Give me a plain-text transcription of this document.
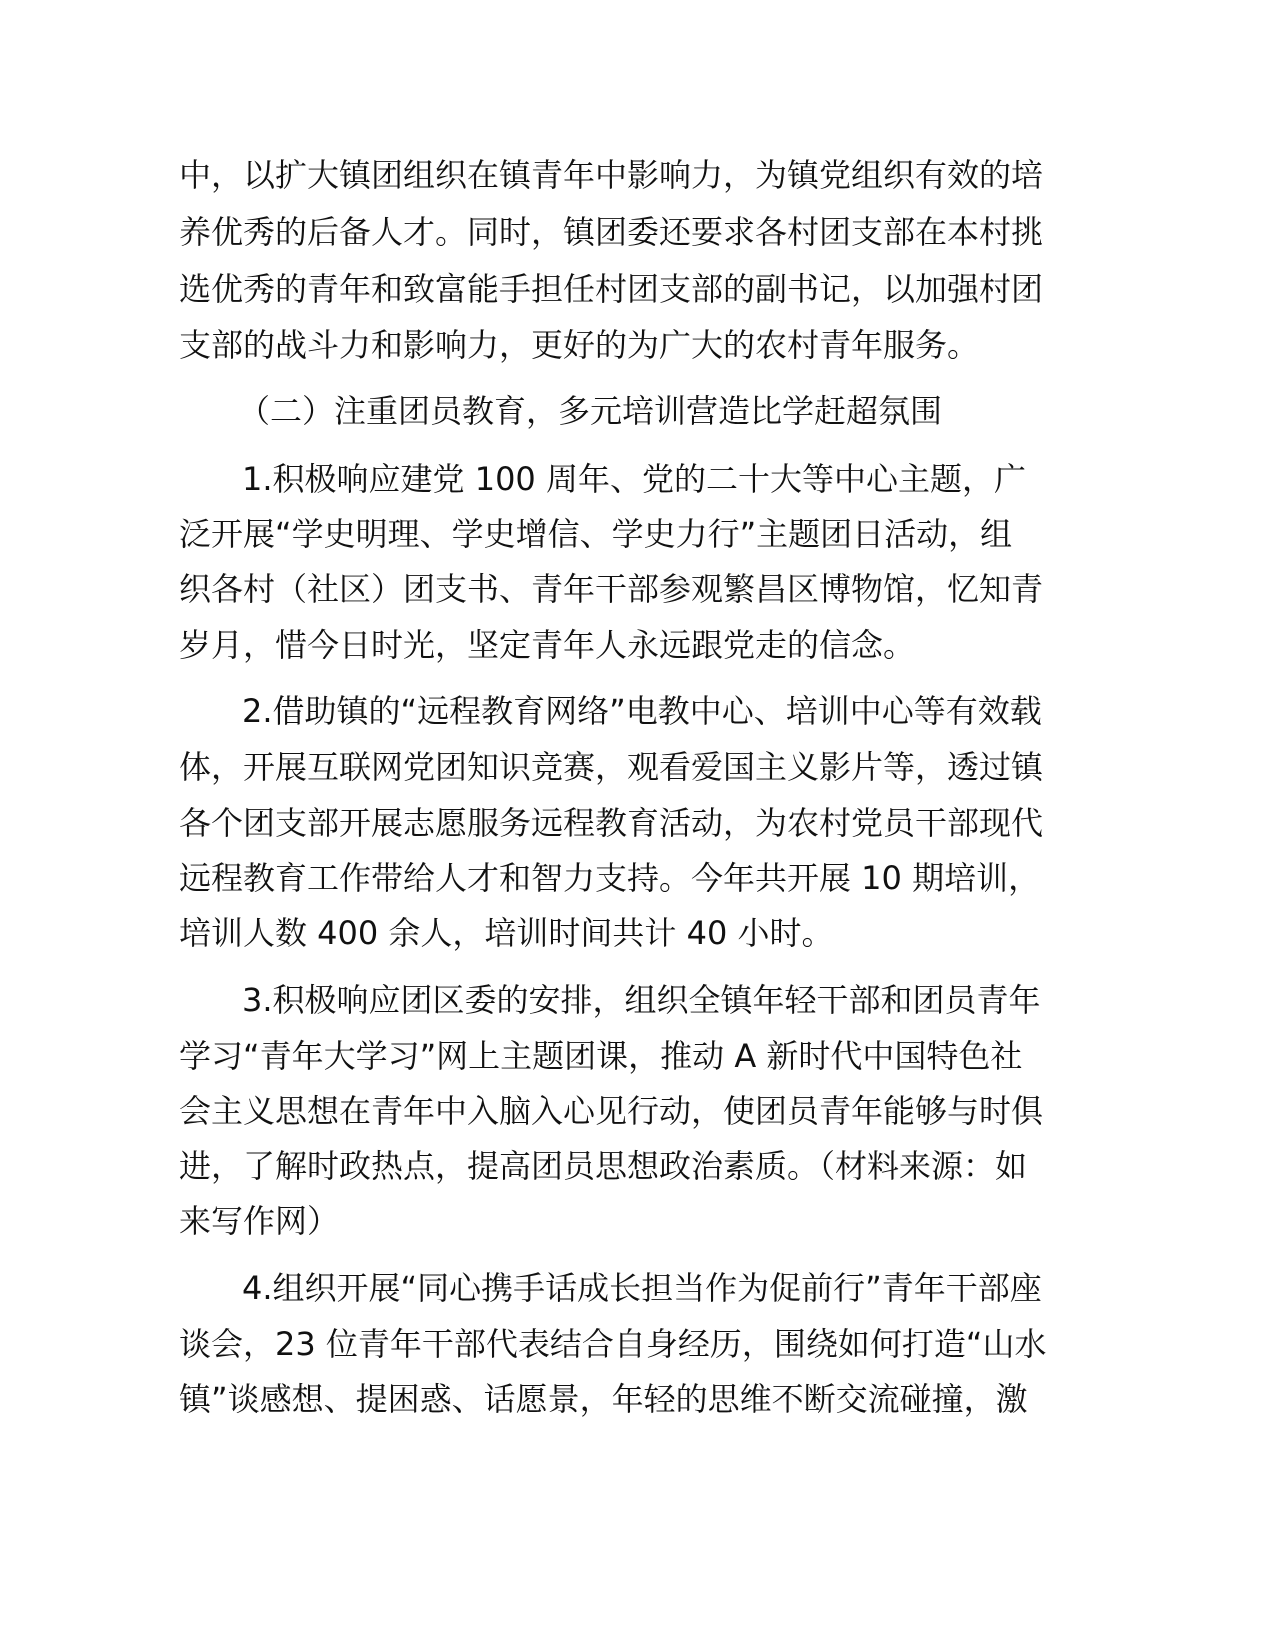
中，以扩大镇团组织在镇青年中影响力，为镇党组织有效的培
养优秀的后备人才。同时，镇团委还要求各村团支部在本村挑
选优秀的青年和致富能手担任村团支部的副书记，以加强村团
支部的战斗力和影响力，更好的为广大的农村青年服务。
（二）注重团员教育，多元培训营造比学赶超氛围
1.积极响应建党 100 周年、党的二十大等中心主题，广
泛开展“学史明理、学史增信、学史力行”主题团日活动，组
织各村（社区）团支书、青年干部参观繁昌区博物馆，忆知青
岁月，惜今日时光，坚定青年人永远跟党走的信念。
2.借助镇的“远程教育网络”电教中心、培训中心等有效载
体，开展互联网党团知识竞赛，观看爱国主义影片等，透过镇
各个团支部开展志愿服务远程教育活动，为农村党员干部现代
远程教育工作带给人才和智力支持。今年共开展 10 期培训，
培训人数 400 余人，培训时间共计 40 小时。
3.积极响应团区委的安排，组织全镇年轻干部和团员青年
学习“青年大学习”网上主题团课，推动 A 新时代中国特色社
会主义思想在青年中入脑入心见行动，使团员青年能够与时俱
进，了解时政热点，提高团员思想政治素质。（材料来源：如
来写作网）
4.组织开展“同心携手话成长担当作为促前行”青年干部座
谈会，23 位青年干部代表结合自身经历，围绕如何打造“山水
镇”谈感想、提困惑、话愿景，年轻的思维不断交流碰撞，激
